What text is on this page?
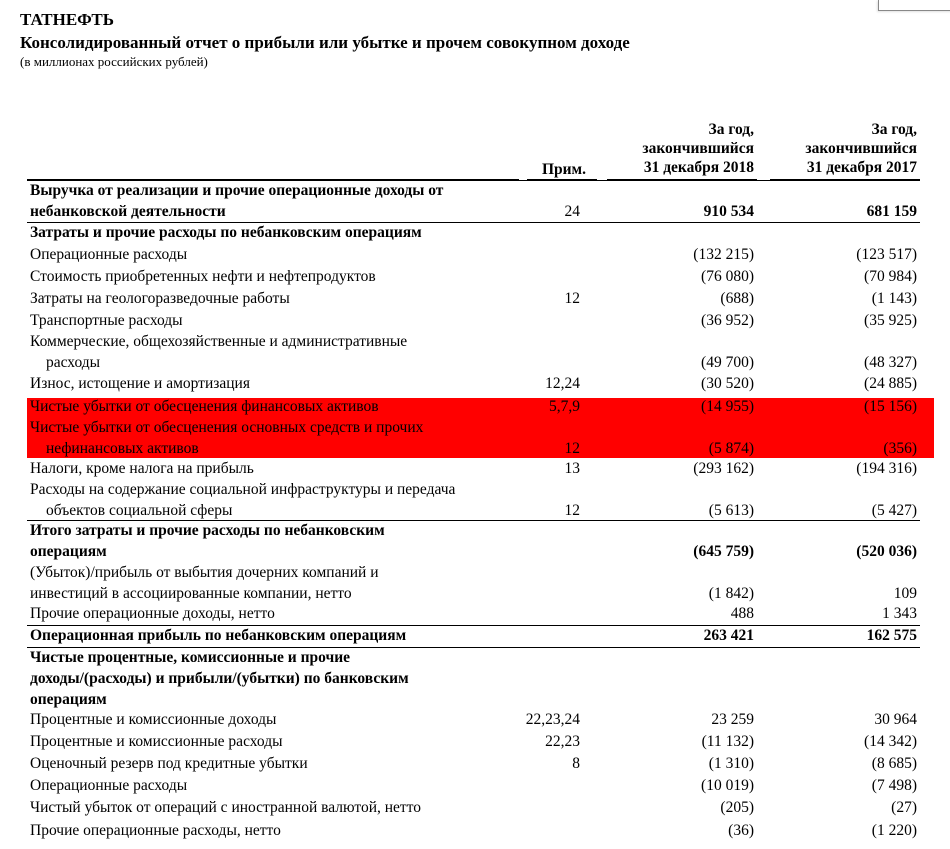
ТАТНЕФТЬ
Консолидированный отчет о прибыли или убытке и прочем совокупном доходе
(в миллионах российских рублей)
Прим.
За год,
закончившийся
31 декабря 2018
За год,
закончившийся
31 декабря 2017
Выручка от реализации и прочие операционные доходы от
небанковской деятельности	24	910 534	681 159
Затраты и прочие расходы по небанковским операциям
Операционные расходы	(132 215)	(123 517)
Стоимость приобретенных нефти и нефтепродуктов	(76 080)	(70 984)
Затраты на геологоразведочные работы	12	(688)	(1 143)
Транспортные расходы	(36 952)	(35 925)
Коммерческие, общехозяйственные и административные
расходы	(49 700)	(48 327)
Износ, истощение и амортизация	12,24	(30 520)	(24 885)
Чистые убытки от обесценения финансовых активов	5,7,9	(14 955)	(15 156)
Чистые убытки от обесценения основных средств и прочих
нефинансовых активов	12	(5 874)	(356)
Налоги, кроме налога на прибыль	13	(293 162)	(194 316)
Расходы на содержание социальной инфраструктуры и передача
объектов социальной сферы	12	(5 613)	(5 427)
Итого затраты и прочие расходы по небанковским
операциям	(645 759)	(520 036)
(Убыток)/прибыль от выбытия дочерних компаний и
инвестиций в ассоциированные компании, нетто	(1 842)	109
Прочие операционные доходы, нетто	488	1 343
Операционная прибыль по небанковским операциям	263 421	162 575
Чистые процентные, комиссионные и прочие
доходы/(расходы) и прибыли/(убытки) по банковским
операциям
Процентные и комиссионные доходы	22,23,24	23 259	30 964
Процентные и комиссионные расходы	22,23	(11 132)	(14 342)
Оценочный резерв под кредитные убытки	8	(1 310)	(8 685)
Операционные расходы	(10 019)	(7 498)
Чистый убыток от операций с иностранной валютой, нетто	(205)	(27)
Прочие операционные расходы, нетто	(36)	(1 220)
